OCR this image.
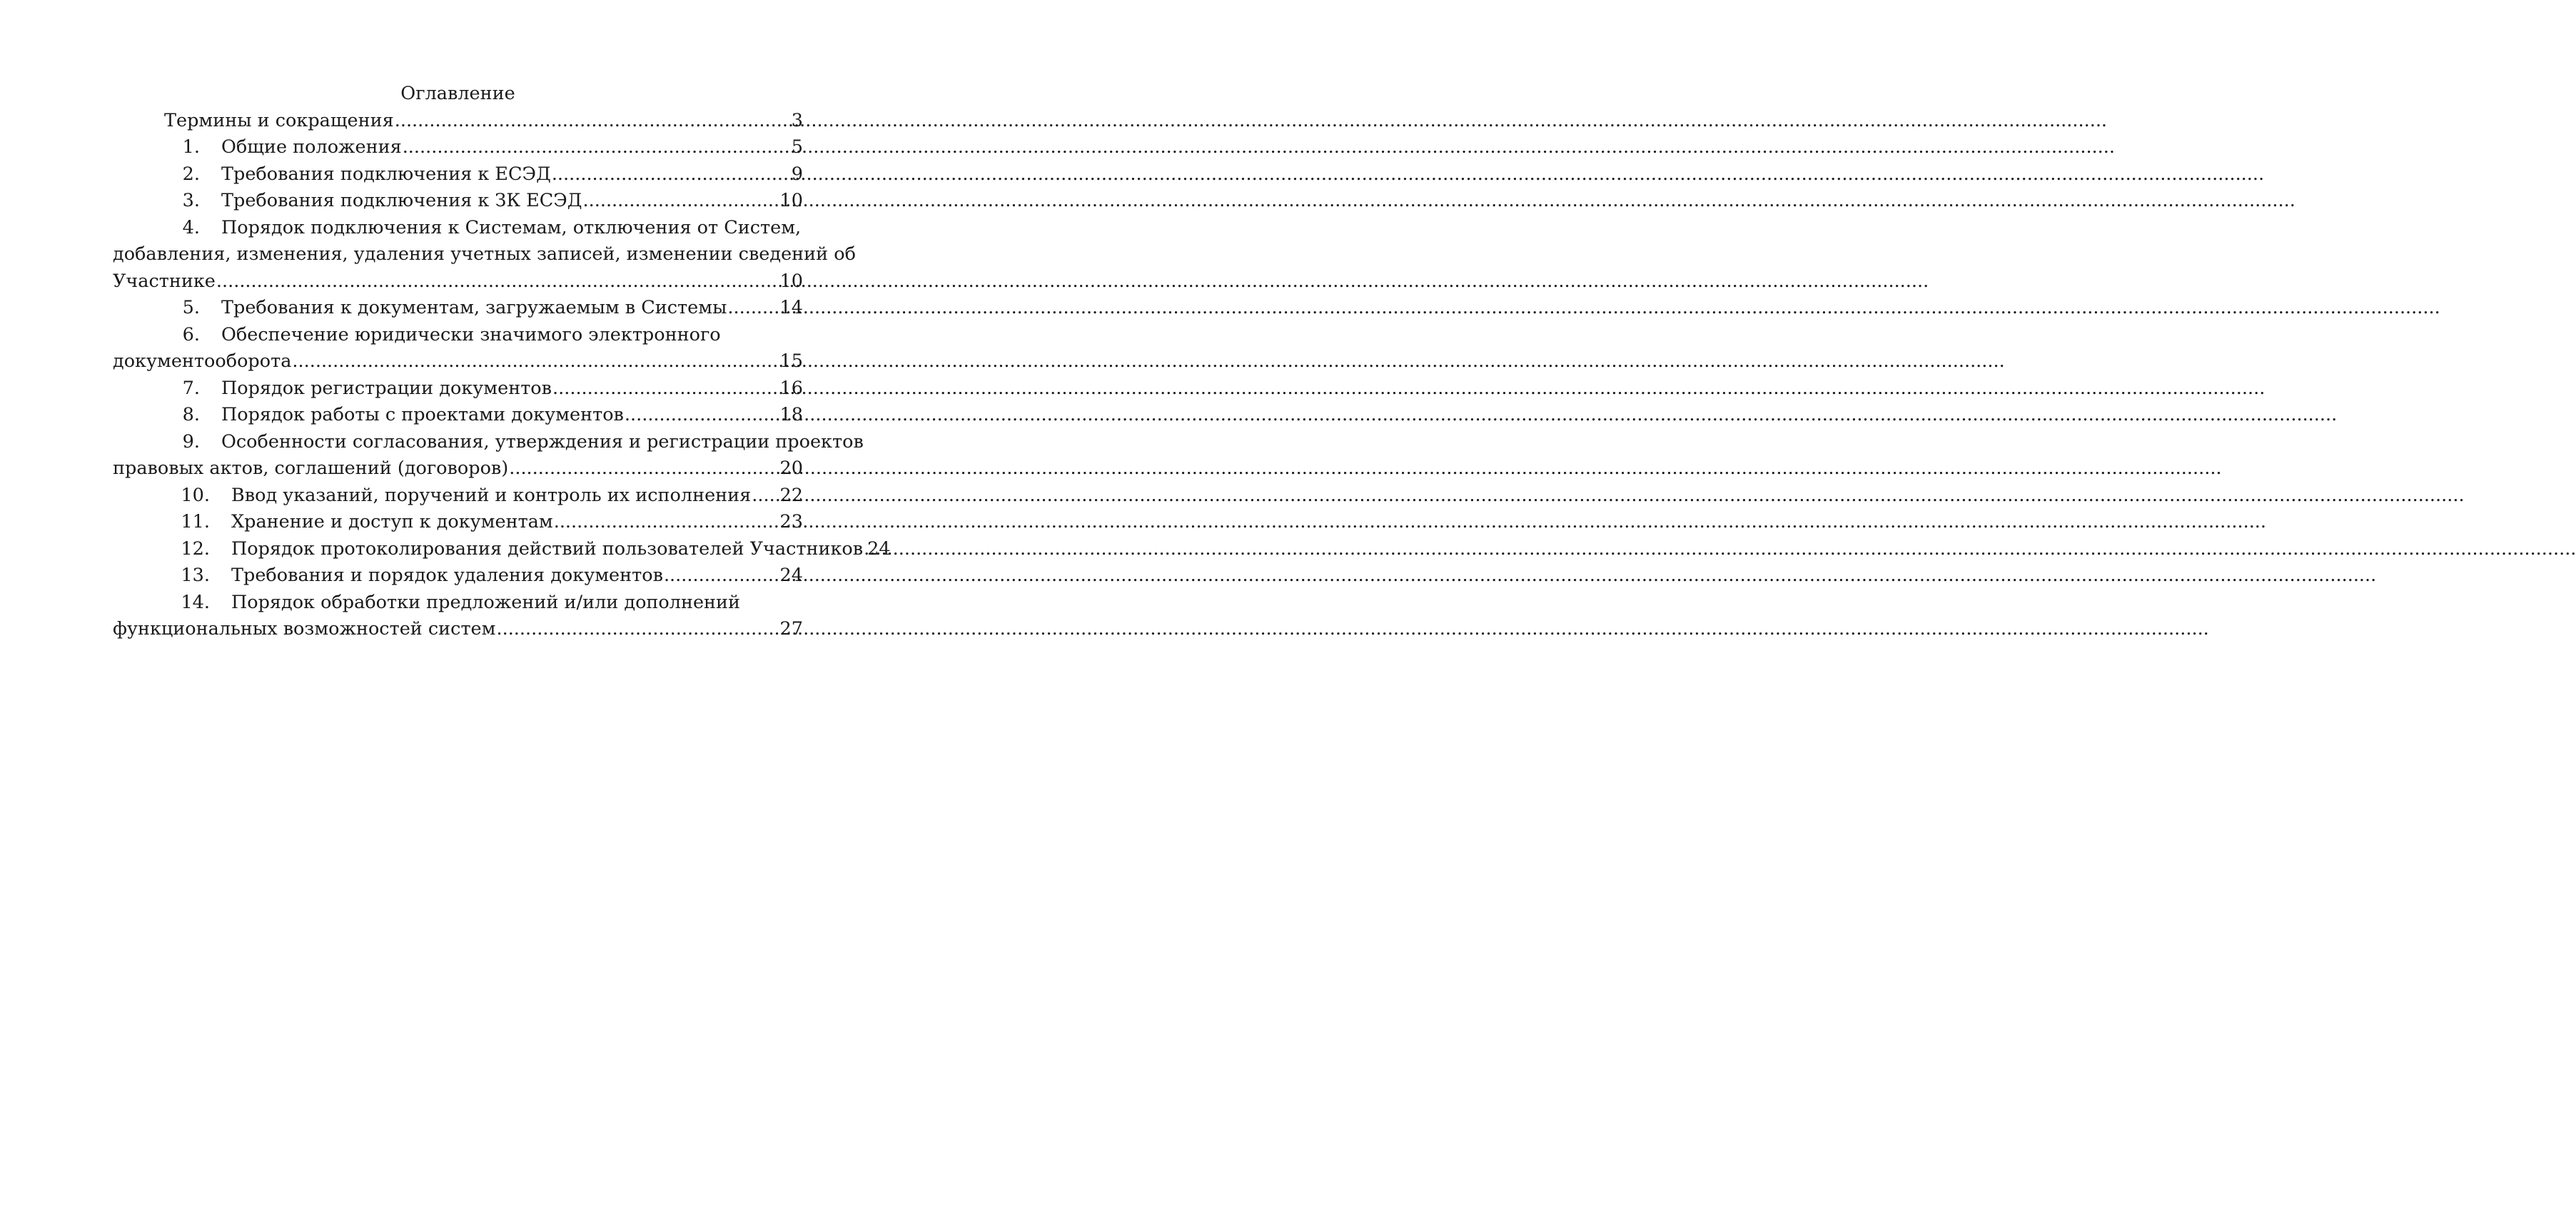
Оглавление
Термины и сокращения .....	3
1. Общие положения .....	5
2. Требования подключения к ЕСЭД .....	9
3. Требования подключения к ЗК ЕСЭД .....	10
4. Порядок подключения к Системам, отключения от Систем,
добавления, изменения, удаления учетных записей, изменении сведений об
Участнике .....	10
5. Требования к документам, загружаемым в Системы .....	14
6. Обеспечение юридически значимого электронного
документооборота .....	15
7. Порядок регистрации документов .....	16
8. Порядок работы с проектами документов .....	18
9. Особенности согласования, утверждения и регистрации проектов
правовых актов, соглашений (договоров) .....	20
10. Ввод указаний, поручений и контроль их исполнения ..... 22
11. Хранение и доступ к документам .....	23
12. Порядок протоколирования действий пользователей Участников ..... 24
13. Требования и порядок удаления документов .....	24
14. Порядок обработки предложений и/или дополнений
функциональных возможностей систем .....	27
